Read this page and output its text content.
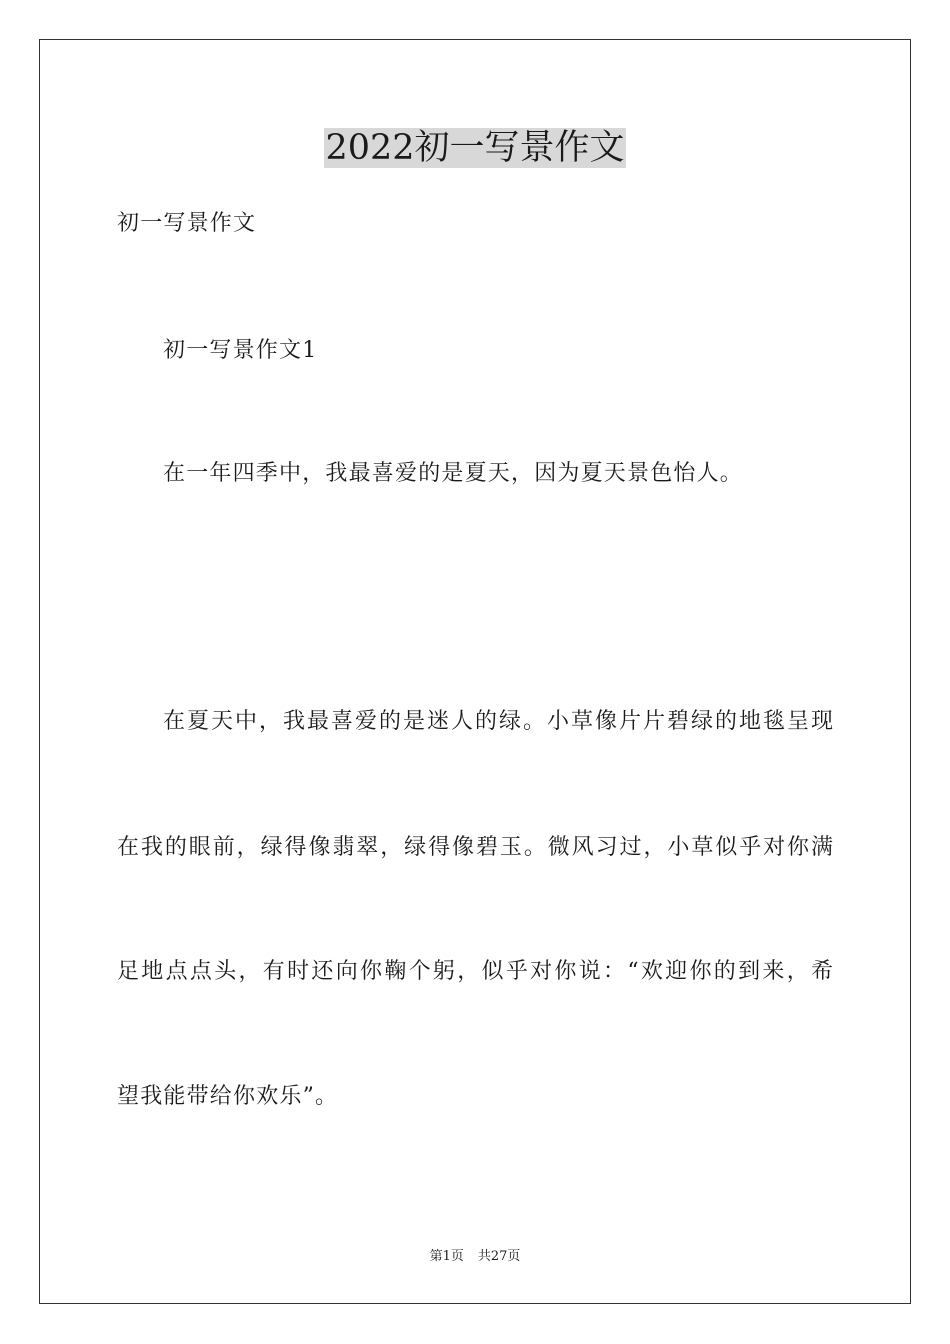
2022初一写景作文
初一写景作文
初一写景作文1
在一年四季中，我最喜爱的是夏天，因为夏天景色怡人。
在夏天中，我最喜爱的是迷人的绿。小草像片片碧绿的地毯呈现
在我的眼前，绿得像翡翠，绿得像碧玉。微风习过，小草似乎对你满
足地点点头，有时还向你鞠个躬，似乎对你说：“欢迎你的到来，希
望我能带给你欢乐”。
第1页 共27页
